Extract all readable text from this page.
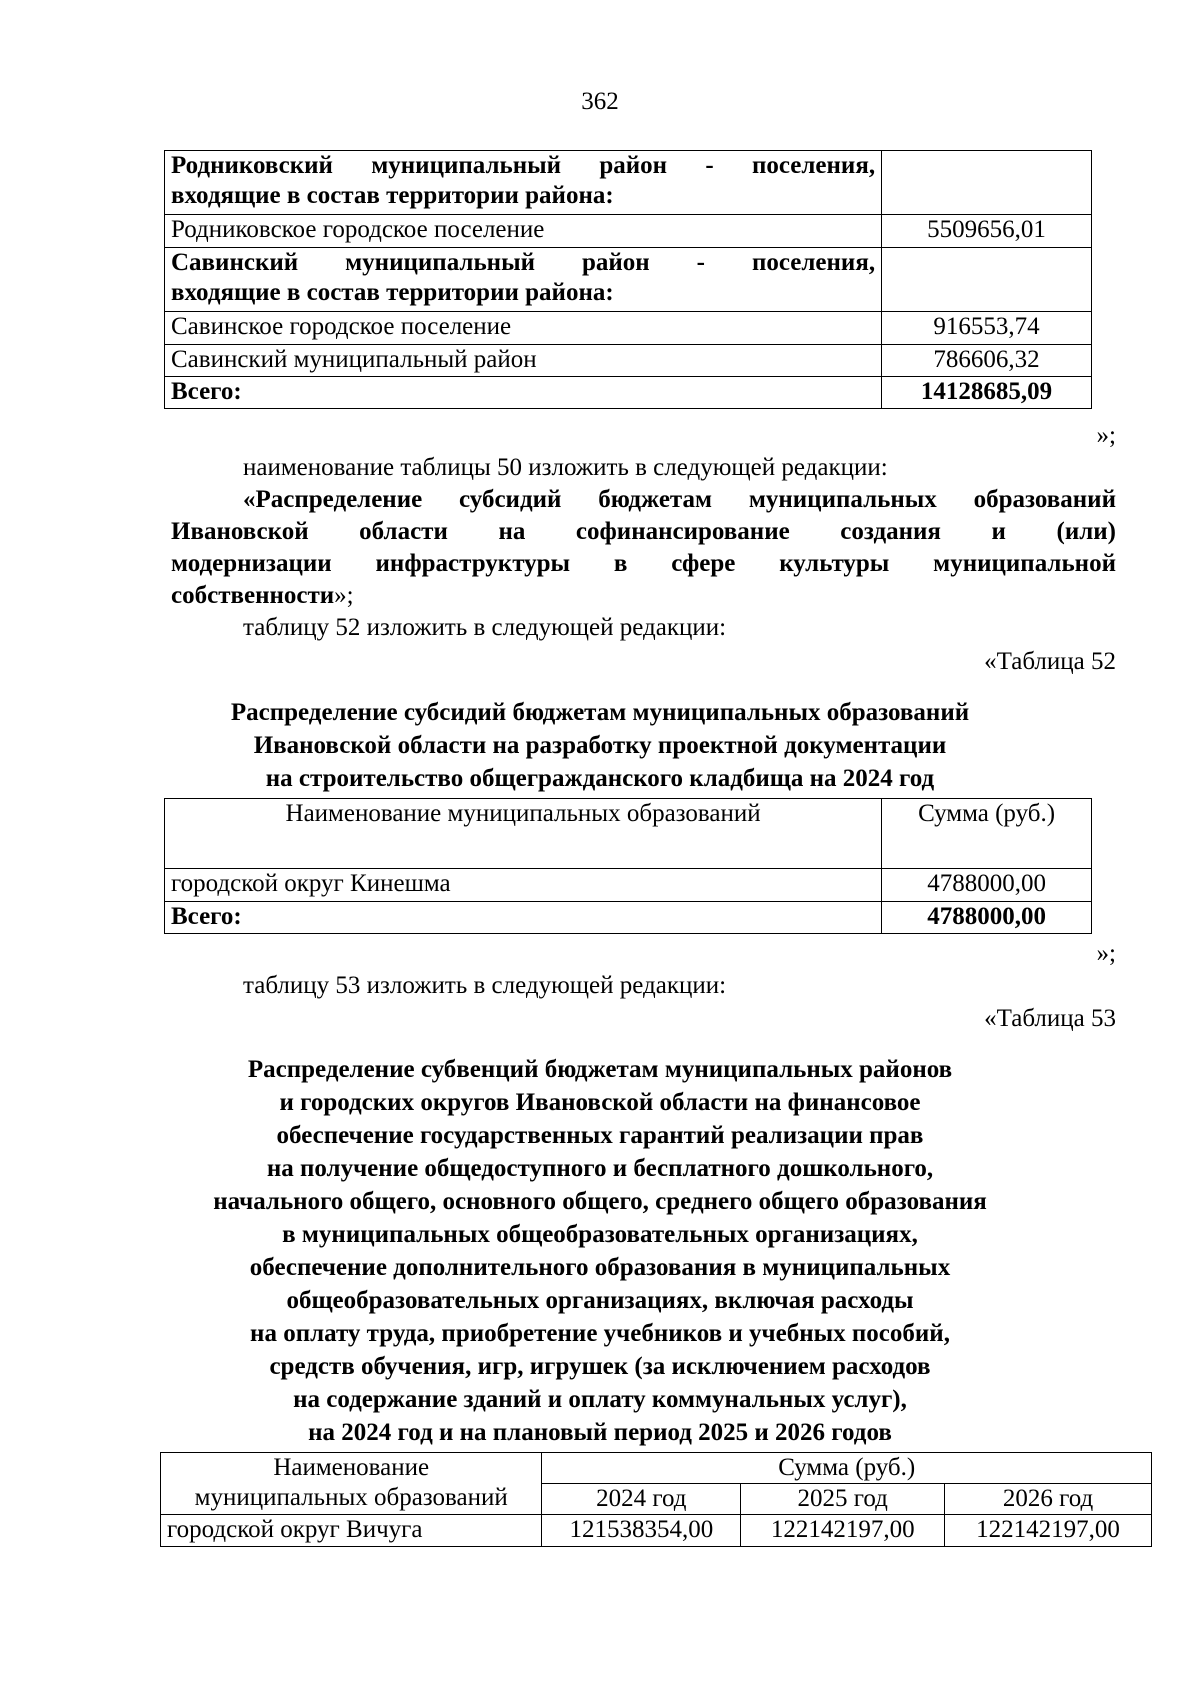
362
Родниковский муниципальный район - поселения,
входящие в состав территории района:	
Родниковское городское поселение	5509656,01

Савинский муниципальный район - поселения,
входящие в состав территории района:	
Савинское городское поселение	916553,74
Савинский муниципальный район	786606,32
Всего:	14128685,09
»;
наименование таблицы 50 изложить в следующей редакции:
«Распределение субсидий бюджетам муниципальных образований
Ивановской области на софинансирование создания и (или)
модернизации инфраструктуры в сфере культуры муниципальной
собственности»;
таблицу 52 изложить в следующей редакции:
«Таблица 52
Распределение субсидий бюджетам муниципальных образований
Ивановской области на разработку проектной документации
на строительство общегражданского кладбища на 2024 год
Наименование муниципальных образований	Сумма (руб.)
городской округ Кинешма	4788000,00
Всего:	4788000,00
»;
таблицу 53 изложить в следующей редакции:
«Таблица 53
Распределение субвенций бюджетам муниципальных районов
и городских округов Ивановской области на финансовое
обеспечение государственных гарантий реализации прав
на получение общедоступного и бесплатного дошкольного,
начального общего, основного общего, среднего общего образования
в муниципальных общеобразовательных организациях,
обеспечение дополнительного образования в муниципальных
общеобразовательных организациях, включая расходы
на оплату труда, приобретение учебников и учебных пособий,
средств обучения, игр, игрушек (за исключением расходов
на содержание зданий и оплату коммунальных услуг),
на 2024 год и на плановый период 2025 и 2026 годов
Наименование
муниципальных образований	Сумма (руб.)		
	2024 год	2025 год	2026 год
городской округ Вичуга	121538354,00	122142197,00	122142197,00
